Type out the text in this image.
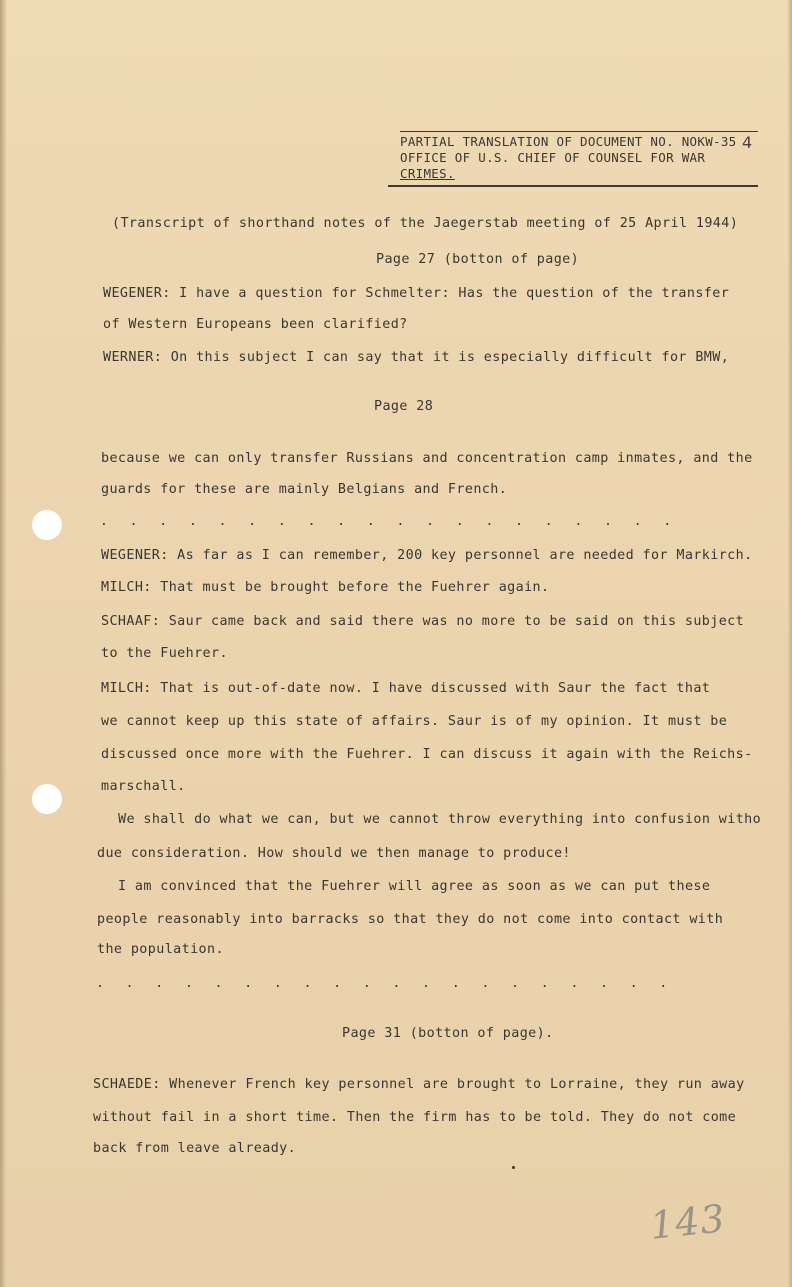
PARTIAL TRANSLATION OF DOCUMENT NO. NOKW-35
OFFICE OF U.S. CHIEF OF COUNSEL FOR WAR
CRIMES.
4
(Transcript of shorthand notes of the Jaegerstab meeting of 25 April 1944)
Page 27 (botton of page)
WEGENER: I have a question for Schmelter: Has the question of the transfer
of Western Europeans been clarified?
WERNER: On this subject I can say that it is especially difficult for BMW,
Page 28
because we can only transfer Russians and concentration camp inmates, and the
guards for these are mainly Belgians and French.
. . . . . . . . . . . . . . . . . . . .
WEGENER: As far as I can remember, 200 key personnel are needed for Markirch.
MILCH: That must be brought before the Fuehrer again.
SCHAAF: Saur came back and said there was no more to be said on this subject
to the Fuehrer.
MILCH: That is out-of-date now. I have discussed with Saur the fact that
we cannot keep up this state of affairs. Saur is of my opinion. It must be
discussed once more with the Fuehrer. I can discuss it again with the Reichs-
marschall.
We shall do what we can, but we cannot throw everything into confusion witho
due consideration. How should we then manage to produce!
I am convinced that the Fuehrer will agree as soon as we can put these
people reasonably into barracks so that they do not come into contact with
the population.
. . . . . . . . . . . . . . . . . . . .
Page 31 (botton of page).
SCHAEDE: Whenever French key personnel are brought to Lorraine, they run away
without fail in a short time. Then the firm has to be told. They do not come
back from leave already.
143
